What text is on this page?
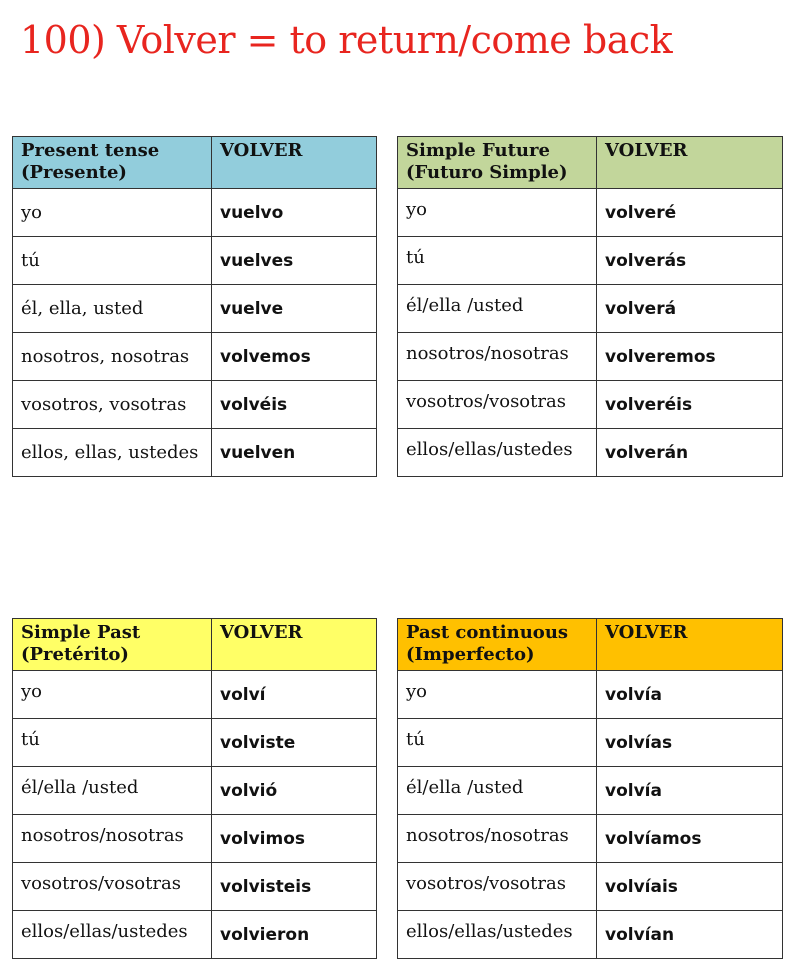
100) Volver = to return/come back
Present tense
(Presente)	VOLVER
yo	vuelvo
tú	vuelves
él, ella, usted	vuelve
nosotros, nosotras	volvemos
vosotros, vosotras	volvéis
ellos, ellas, ustedes	vuelven
Simple Future
(Futuro Simple)	VOLVER
yo	volveré
tú	volverás
él/ella /usted	volverá
nosotros/nosotras	volveremos
vosotros/vosotras	volveréis
ellos/ellas/ustedes	volverán
Simple Past
(Pretérito)	VOLVER
yo	volví
tú	volviste
él/ella /usted	volvió
nosotros/nosotras	volvimos
vosotros/vosotras	volvisteis
ellos/ellas/ustedes	volvieron
Past continuous
(Imperfecto)	VOLVER
yo	volvía
tú	volvías
él/ella /usted	volvía
nosotros/nosotras	volvíamos
vosotros/vosotras	volvíais
ellos/ellas/ustedes	volvían
